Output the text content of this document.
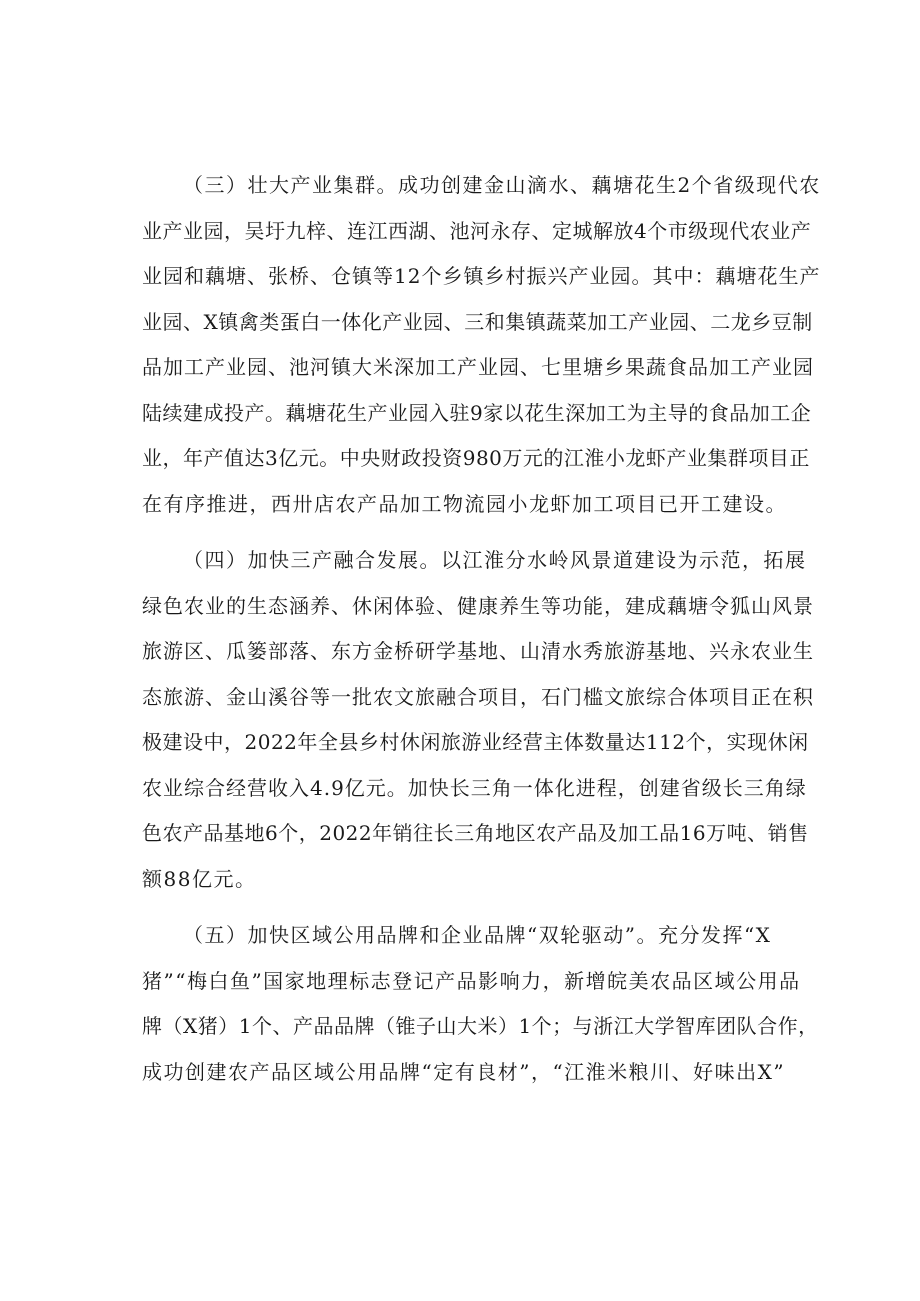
（三）壮大产业集群。成功创建金山滴水、藕塘花生2个省级现代农
业产业园，吴圩九梓、连江西湖、池河永存、定城解放4个市级现代农业产
业园和藕塘、张桥、仓镇等12个乡镇乡村振兴产业园。其中：藕塘花生产
业园、X镇禽类蛋白一体化产业园、三和集镇蔬菜加工产业园、二龙乡豆制
品加工产业园、池河镇大米深加工产业园、七里塘乡果蔬食品加工产业园
陆续建成投产。藕塘花生产业园入驻9家以花生深加工为主导的食品加工企
业，年产值达3亿元。中央财政投资980万元的江淮小龙虾产业集群项目正
在有序推进，西卅店农产品加工物流园小龙虾加工项目已开工建设。
（四）加快三产融合发展。以江淮分水岭风景道建设为示范，拓展
绿色农业的生态涵养、休闲体验、健康养生等功能，建成藕塘令狐山风景
旅游区、瓜篓部落、东方金桥研学基地、山清水秀旅游基地、兴永农业生
态旅游、金山溪谷等一批农文旅融合项目，石门槛文旅综合体项目正在积
极建设中，2022年全县乡村休闲旅游业经营主体数量达112个，实现休闲
农业综合经营收入4.9亿元。加快长三角一体化进程，创建省级长三角绿
色农产品基地6个，2022年销往长三角地区农产品及加工品16万吨、销售
额88亿元。
（五）加快区域公用品牌和企业品牌“双轮驱动”。充分发挥“X
猪”“梅白鱼”国家地理标志登记产品影响力，新增皖美农品区域公用品
牌（X猪）1个、产品品牌（锥子山大米）1个；与浙江大学智库团队合作，
成功创建农产品区域公用品牌“定有良材”，“江淮米粮川、好味出X”
